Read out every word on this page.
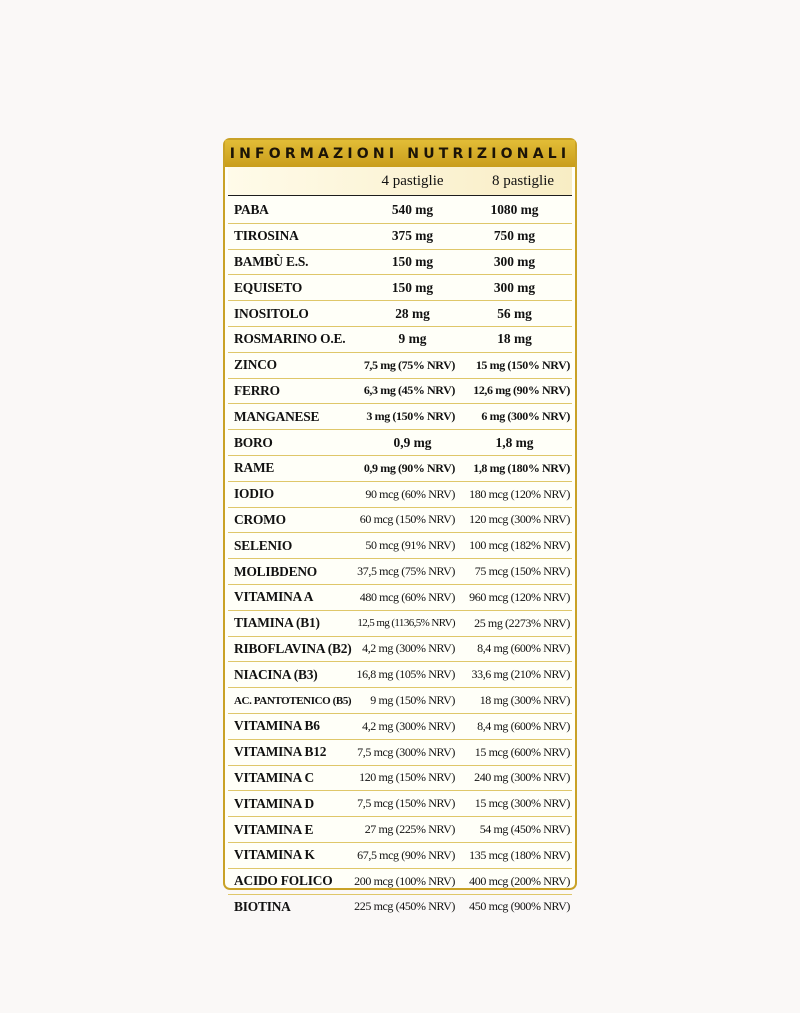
INFORMAZIONI NUTRIZIONALI
4 pastiglie	8 pastiglie
PABA	540 mg	1080 mg
TIROSINA	375 mg	750 mg
BAMBÙ E.S.	150 mg	300 mg
EQUISETO	150 mg	300 mg
INOSITOLO	28 mg	56 mg
ROSMARINO O.E.	9 mg	18 mg
ZINCO	7,5 mg (75% NRV)	15 mg (150% NRV)
FERRO	6,3 mg (45% NRV)	12,6 mg (90% NRV)
MANGANESE	3 mg (150% NRV)	6 mg (300% NRV)
BORO	0,9 mg	1,8 mg
RAME	0,9 mg (90% NRV)	1,8 mg (180% NRV)
IODIO	90 mcg (60% NRV)	180 mcg (120% NRV)
CROMO	60 mcg (150% NRV)	120 mcg (300% NRV)
SELENIO	50 mcg (91% NRV)	100 mcg (182% NRV)
MOLIBDENO	37,5 mcg (75% NRV)	75 mcg (150% NRV)
VITAMINA A	480 mcg (60% NRV)	960 mcg (120% NRV)
TIAMINA (B1)	12,5 mg (1136,5% NRV)	25 mg (2273% NRV)
RIBOFLAVINA (B2) 4,2 mg (300% NRV)	8,4 mg (600% NRV)
NIACINA (B3)	16,8 mg (105% NRV)	33,6 mg (210% NRV)
AC. PANTOTENICO (B5)	9 mg (150% NRV)	18 mg (300% NRV)
VITAMINA B6	4,2 mg (300% NRV)	8,4 mg (600% NRV)
VITAMINA B12	7,5 mcg (300% NRV)	15 mcg (600% NRV)
VITAMINA C	120 mg (150% NRV)	240 mg (300% NRV)
VITAMINA D	7,5 mcg (150% NRV)	15 mcg (300% NRV)
VITAMINA E	27 mg (225% NRV)	54 mg (450% NRV)
VITAMINA K	67,5 mcg (90% NRV)	135 mcg (180% NRV)
ACIDO FOLICO	200 mcg (100% NRV)	400 mcg (200% NRV)
BIOTINA	225 mcg (450% NRV)	450 mcg (900% NRV)
